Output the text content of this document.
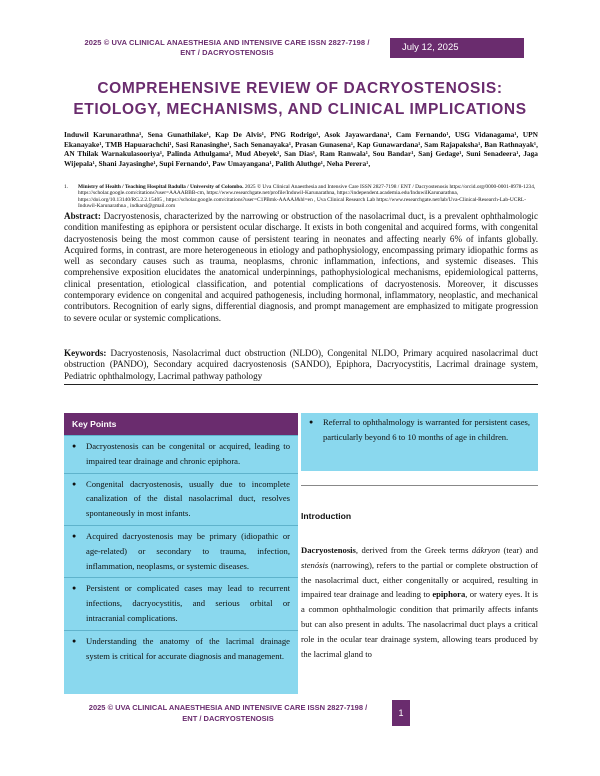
2025 © UVA CLINICAL ANAESTHESIA AND INTENSIVE CARE ISSN 2827-7198 /
ENT / DACRYOSTENOSIS	July 12, 2025
COMPREHENSIVE REVIEW OF DACRYOSTENOSIS:
ETIOLOGY, MECHANISMS, AND CLINICAL IMPLICATIONS
Induwil Karunarathna¹, Sena Gunathilake¹, Kap De Alvis¹, PNG Rodrigo¹, Asok Jayawardana¹, Cam Fernando¹, USG Vidanagama¹, UPN Ekanayake¹, TMB Hapuarachchi¹, Sasi Ranasinghe¹, Sach Senanayaka¹, Prasan Gunasena¹, Kap Gunawardana¹, Sam Rajapaksha¹, Ban Rathnayak¹, AN Thilak Warnakulasooriya¹, Palinda Athulgama¹, Mud Abeyek¹, San Dias¹, Ram Ranwala¹, Sou Bandar¹, Sanj Gedage¹, Suni Senadeera¹, Jaga Wijepala¹, Shani Jayasinghe¹, Supi Fernando¹, Paw Umayangana¹, Palith Aluthge¹, Neha Perera¹,
1.	Ministry of Health / Teaching Hospital Badulla / University of Colombo. 2025 © Uva Clinical Anaesthesia and Intensive Care ISSN 2827-7198 / ENT / Dacryostenosis https://orcid.org/0000-0001-8978-1234, https://scholar.google.com/citations?user=AAAABBB-cm, https://www.researchgate.net/profile/Induwil-Karunarathna, https://independent.academia.edu/InduwilKarunarathna, https://doi.org/10.13140/RG.2.2.15405 , https://scholar.google.com/citations?user=C1PBmk-AAAAJ&hl=en , Uva Clinical Research Lab https://www.researchgate.net/lab/Uva-Clinical-Research-Lab-UCRL-Induwil-Karunarathna , indkarsl@gmail.com
Abstract: Dacryostenosis, characterized by the narrowing or obstruction of the nasolacrimal duct, is a prevalent ophthalmologic condition manifesting as epiphora or persistent ocular discharge. It exists in both congenital and acquired forms, with congenital dacryostenosis being the most common cause of persistent tearing in neonates and affecting nearly 6% of infants globally. Acquired forms, in contrast, are more heterogeneous in etiology and pathophysiology, encompassing primary idiopathic forms as well as secondary causes such as trauma, neoplasms, chronic inflammation, infections, and systemic diseases. This comprehensive exposition elucidates the anatomical underpinnings, pathophysiological mechanisms, epidemiological patterns, clinical presentation, etiological classification, and potential complications of dacryostenosis. Moreover, it discusses contemporary evidence on congenital and acquired pathogenesis, including hormonal, inflammatory, neoplastic, and mechanical contributors. Recognition of early signs, differential diagnosis, and prompt management are emphasized to mitigate progression to severe ocular or systemic complications.
Keywords: Dacryostenosis, Nasolacrimal duct obstruction (NLDO), Congenital NLDO, Primary acquired nasolacrimal duct obstruction (PANDO), Secondary acquired dacryostenosis (SANDO), Epiphora, Dacryocystitis, Lacrimal drainage system, Pediatric ophthalmology, Lacrimal pathway pathology
Key Points
●	Dacryostenosis can be congenital or acquired, leading to impaired tear drainage and chronic epiphora.
●	Congenital dacryostenosis, usually due to incomplete canalization of the distal nasolacrimal duct, resolves spontaneously in most infants.
●	Acquired dacryostenosis may be primary (idiopathic or age-related) or secondary to trauma, infection, inflammation, neoplasms, or systemic diseases.
●	Persistent or complicated cases may lead to recurrent infections, dacryocystitis, and serious orbital or intracranial complications.
●	Understanding the anatomy of the lacrimal drainage system is critical for accurate diagnosis and management.
●	Referral to ophthalmology is warranted for persistent cases, particularly beyond 6 to 10 months of age in children.
Introduction
Dacryostenosis, derived from the Greek terms dákryon (tear) and stenósis (narrowing), refers to the partial or complete obstruction of the nasolacrimal duct, either congenitally or acquired, resulting in impaired tear drainage and leading to epiphora, or watery eyes. It is a common ophthalmologic condition that primarily affects infants but can also present in adults. The nasolacrimal duct plays a critical role in the ocular tear drainage system, allowing tears produced by the lacrimal gland to
2025 © UVA CLINICAL ANAESTHESIA AND INTENSIVE CARE ISSN 2827-7198 /
ENT / DACRYOSTENOSIS
1
